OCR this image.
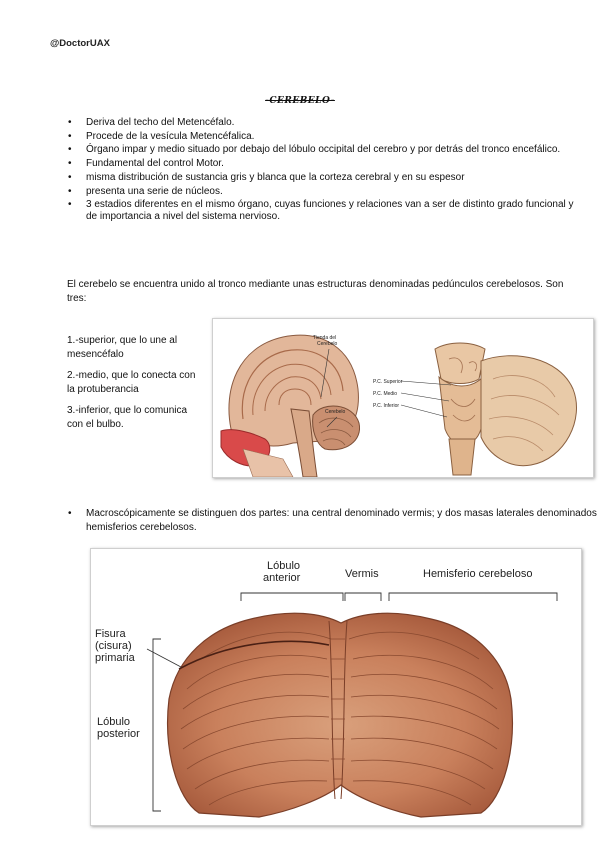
@DoctorUAX
-CEREBELO-
• Deriva del techo del Metencéfalo.
• Procede de la vesícula Metencéfalica.
• Órgano impar y medio situado por debajo del lóbulo occipital del cerebro y por detrás del tronco encefálico.
• Fundamental del control Motor.
• misma distribución de sustancia gris y blanca que la corteza cerebral y en su espesor
• presenta una serie de núcleos.
• 3 estadios diferentes en el mismo órgano, cuyas funciones y relaciones van a ser de distinto grado funcional y de importancia a nivel del sistema nervioso.
El cerebelo se encuentra unido al tronco mediante unas estructuras denominadas pedúnculos cerebelosos. Son tres:
1.-superior, que lo une al mesencéfalo
2.-medio, que lo conecta con la protuberancia
3.-inferior, que lo comunica con el bulbo.
Tienda del
Cerebelo
Cerebelo
P.C. Superior
P.C. Medio
P.C. Inferior
• Macroscópicamente se distinguen dos partes: una central denominado vermis; y dos masas laterales denominados hemisferios cerebelosos.
Lóbulo
anterior	Vermis	Hemisferio cerebeloso
Fisura
(cisura)
primaria
Lóbulo
posterior
